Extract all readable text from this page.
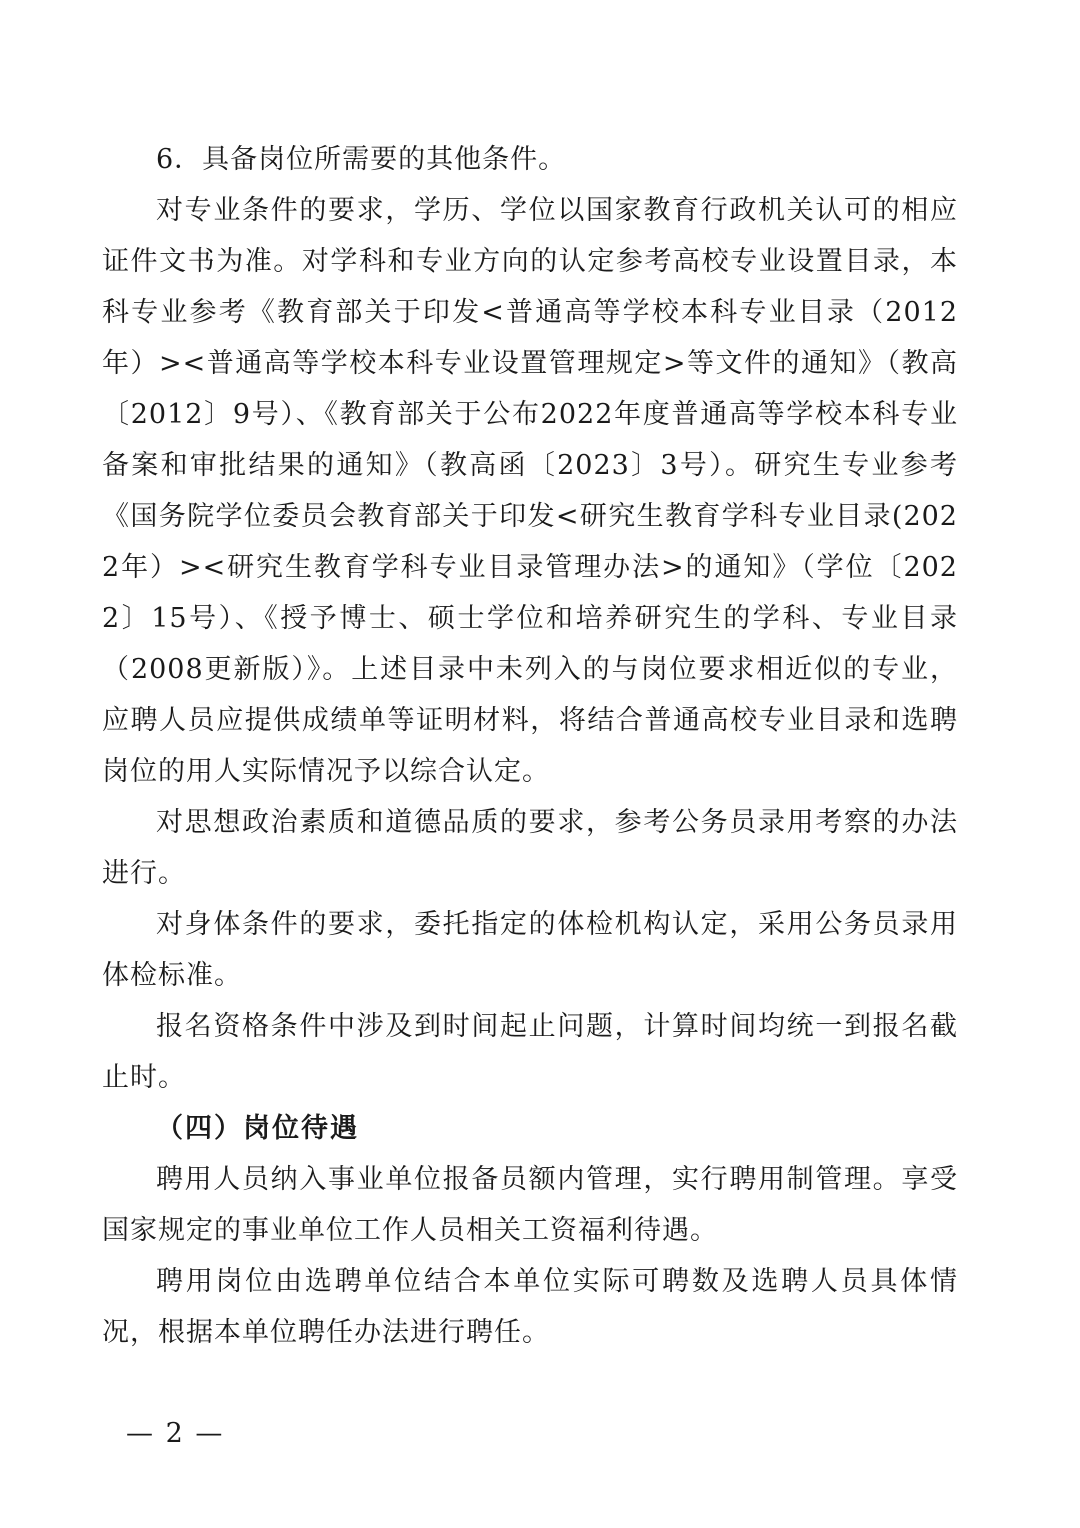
6．具备岗位所需要的其他条件。

对专业条件的要求，学历、学位以国家教育行政机关认可的相应证件文书为准。对学科和专业方向的认定参考高校专业设置目录，本科专业参考《教育部关于印发<普通高等学校本科专业目录（2012年）><普通高等学校本科专业设置管理规定>等文件的通知》（教高〔2012〕9号）、《教育部关于公布2022年度普通高等学校本科专业备案和审批结果的通知》（教高函〔2023〕3号）。研究生专业参考《国务院学位委员会教育部关于印发<研究生教育学科专业目录(2022年）><研究生教育学科专业目录管理办法>的通知》（学位〔2022〕15号）、《授予博士、硕士学位和培养研究生的学科、专业目录（2008更新版）》。上述目录中未列入的与岗位要求相近似的专业，应聘人员应提供成绩单等证明材料，将结合普通高校专业目录和选聘岗位的用人实际情况予以综合认定。

对思想政治素质和道德品质的要求，参考公务员录用考察的办法进行。

对身体条件的要求，委托指定的体检机构认定，采用公务员录用体检标准。

报名资格条件中涉及到时间起止问题，计算时间均统一到报名截止时。

（四）岗位待遇

聘用人员纳入事业单位报备员额内管理，实行聘用制管理。享受国家规定的事业单位工作人员相关工资福利待遇。

聘用岗位由选聘单位结合本单位实际可聘数及选聘人员具体情况，根据本单位聘任办法进行聘任。

— 2 —
